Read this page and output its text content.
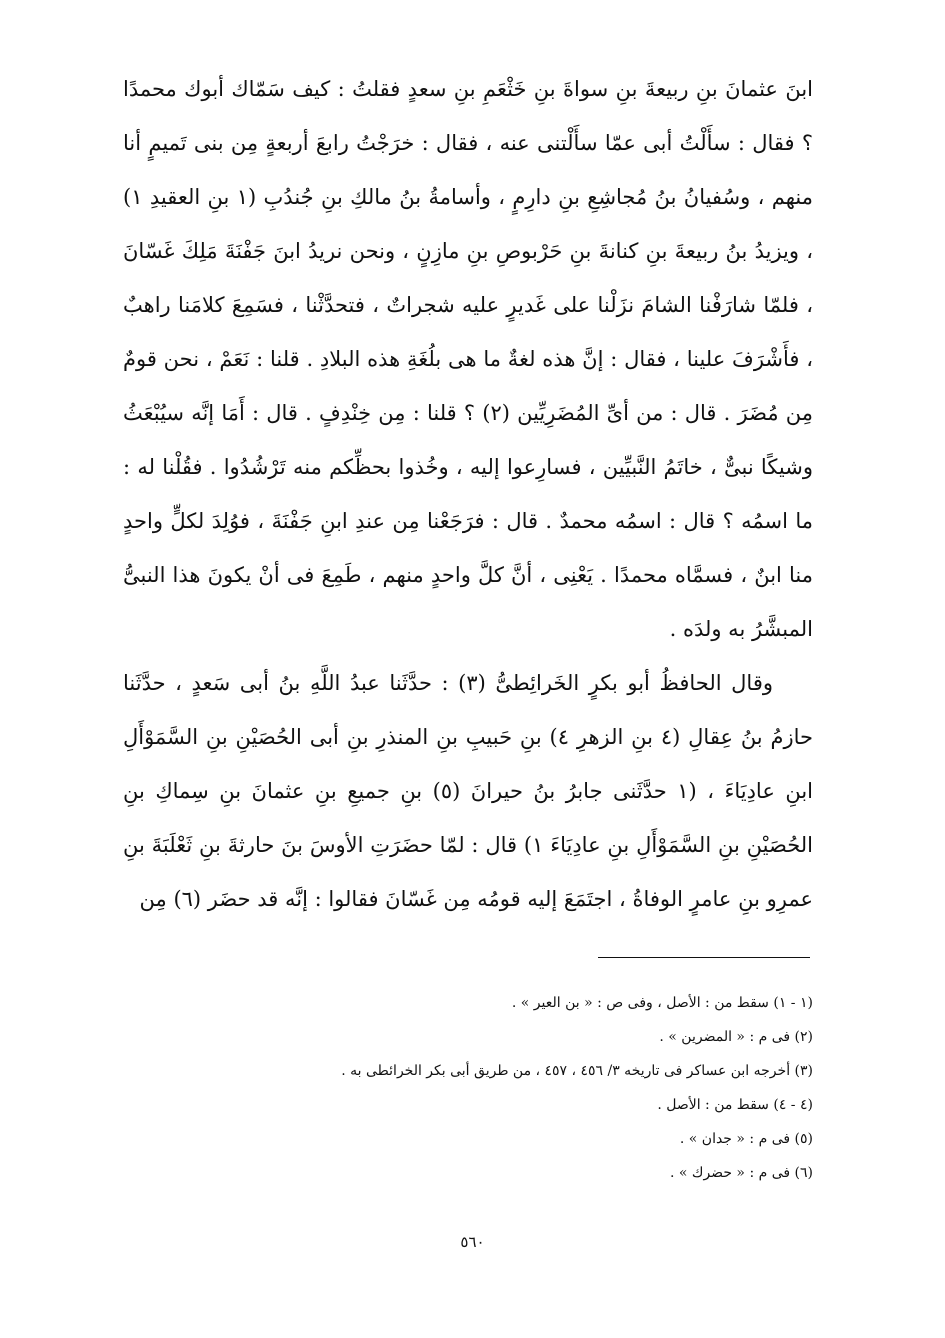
ابنَ عثمانَ بنِ ربيعةَ بنِ سواةَ بنِ خَثْعَمِ بنِ سعدٍ فقلتُ : كيف سَمّاك أبوك محمدًا ؟ فقال : سأَلْتُ أبى عمّا سأَلْتنى عنه ، فقال : خرَجْتُ رابعَ أربعةٍ مِن بنى تَميمٍ أنا منهم ، وسُفيانُ بنُ مُجاشِعِ بنِ دارِمٍ ، وأسامةُ بنُ مالكِ بنِ جُندُبِ (١ بنِ العقيدِ ١) ، ويزيدُ بنُ ربيعةَ بنِ كنانةَ بنِ حَرْبوصِ بنِ مازِنٍ ، ونحن نريدُ ابنَ جَفْنَةَ مَلِكَ غَسّانَ ، فلمّا شارَفْنا الشامَ نزَلْنا على غَديرٍ عليه شجراتٌ ، فتحدَّثْنا ، فسَمِعَ كلامَنا راهبٌ ، فأَشْرَفَ علينا ، فقال : إنَّ هذه لغةٌ ما هى بلُغَةِ هذه البلادِ . قلنا : نَعَمْ ، نحن قومٌ مِن مُضَرَ . قال : من أىِّ المُضَرِيِّين (٢) ؟ قلنا : مِن خِنْدِفٍ . قال : أَمَا إنَّه سيُبْعَثُ وشيكًا نبىٌّ ، خاتَمُ النَّبيِّين ، فسارِعوا إليه ، وخُذوا بحظِّكم منه تَرْشُدُوا . فقُلْنا له : ما اسمُه ؟ قال : اسمُه محمدٌ . قال : فرَجَعْنا مِن عندِ ابنِ جَفْنَةَ ، فوُلِدَ لكلٍّ واحدٍ منا ابنٌ ، فسمَّاه محمدًا . يَعْنِى ، أنَّ كلَّ واحدٍ منهم ، طَمِعَ فى أنْ يكونَ هذا النبىُّ المبشَّرُ به ولدَه .

وقال الحافظُ أبو بكرٍ الخَرائِطىُّ (٣) : حدَّثَنا عبدُ اللَّهِ بنُ أبى سَعدٍ ، حدَّثَنا حازمُ بنُ عِقالِ (٤ بنِ الزهرِ ٤) بنِ حَبيبِ بنِ المنذرِ بنِ أبى الحُصَيْنِ بنِ السَّمَوْأَلِ ابنِ عادِيَاءَ ، (١ حدَّثَنى جابرُ بنُ حيرانَ (٥) بنِ جميعِ بنِ عثمانَ بنِ سِماكِ بنِ الحُصَيْنِ بنِ السَّمَوْأَلِ بنِ عادِيَاءَ ١) قال : لمّا حضَرَتِ الأوسَ بنَ حارثةَ بنِ ثَعْلَبَةَ بنِ عمرِو بنِ عامرٍ الوفاةُ ، اجتَمَعَ إليه قومُه مِن غَسّانَ فقالوا : إنَّه قد حضَر (٦) مِن

(١ - ١) سقط من : الأصل ، وفى ص : « بن العير » .

(٢) فى م : « المضرين » .

(٣) أخرجه ابن عساكر فى تاريخه ٣/ ٤٥٦ ، ٤٥٧ ، من طريق أبى بكر الخرائطى به .

(٤ - ٤) سقط من : الأصل .

(٥) فى م : « جدان » .

(٦) فى م : « حضرك » .

٥٦٠
